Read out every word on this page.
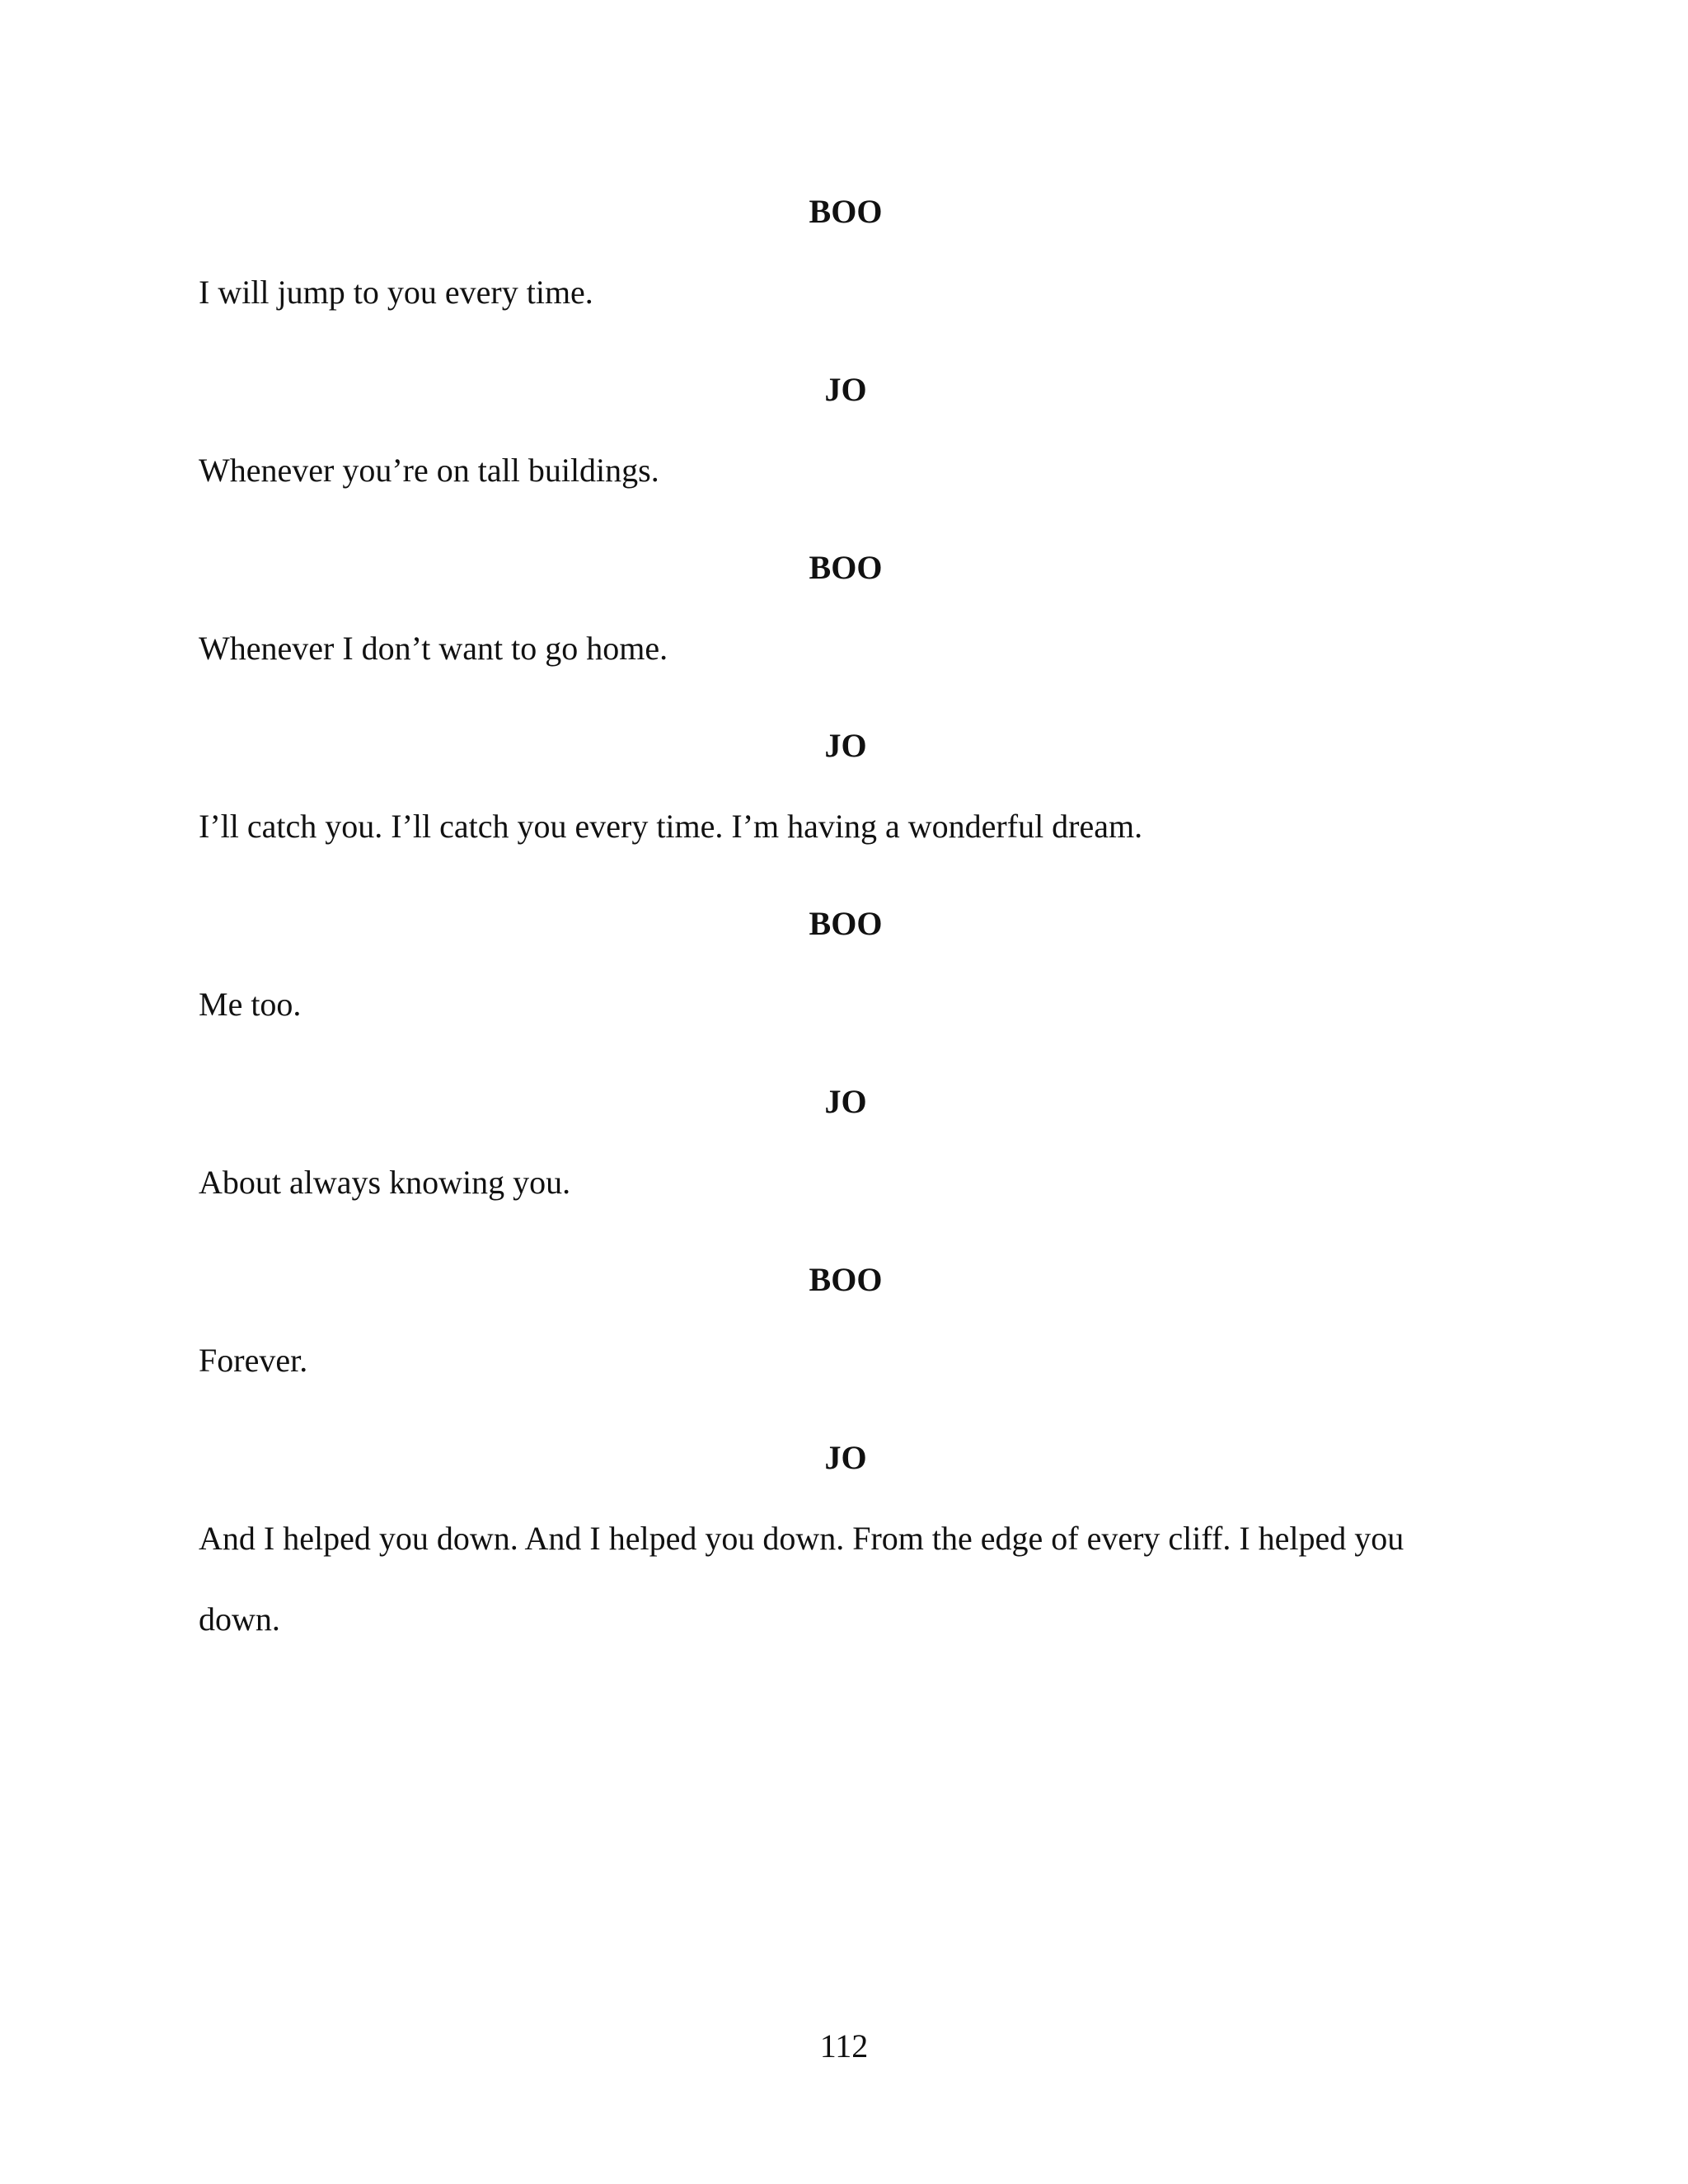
BOO
I will jump to you every time.
JO
Whenever you’re on tall buildings.
BOO
Whenever I don’t want to go home.
JO
I’ll catch you. I’ll catch you every time. I’m having a wonderful dream.
BOO
Me too.
JO
About always knowing you.
BOO
Forever.
JO
And I helped you down. And I helped you down. From the edge of every cliff. I helped you down.
112
